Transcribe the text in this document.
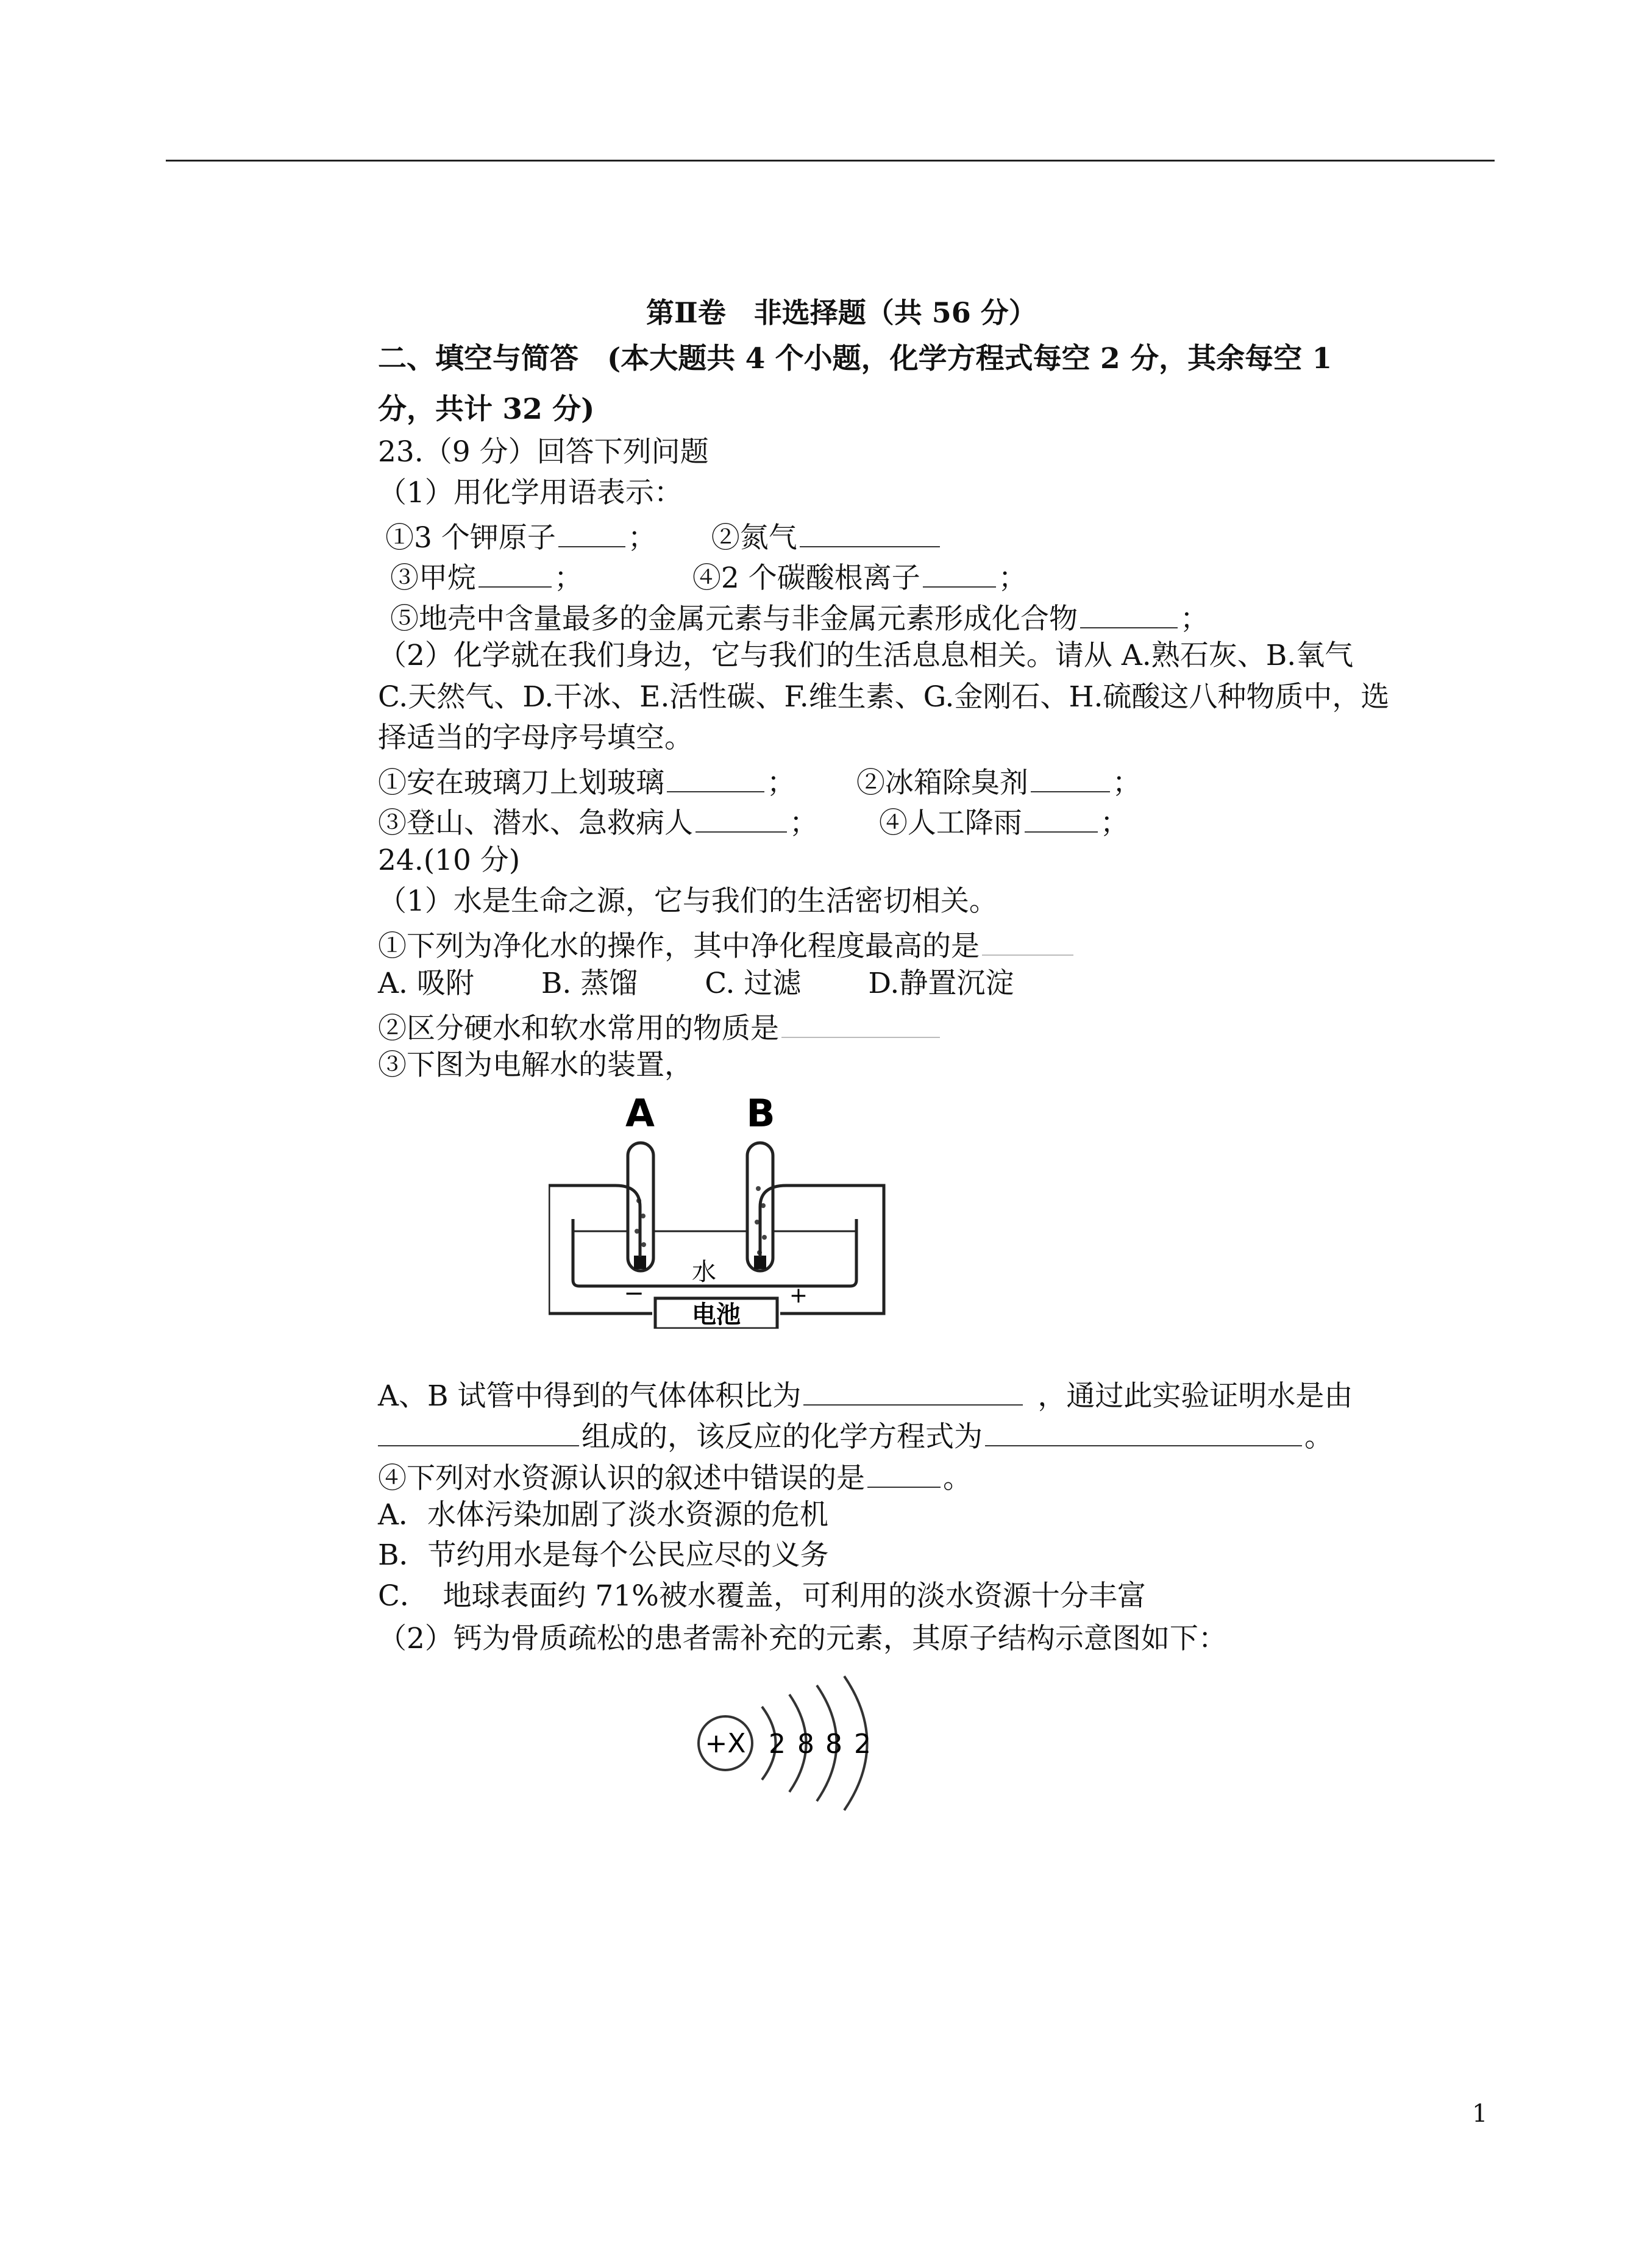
第Ⅱ卷　非选择题（共 56 分）
二、填空与简答　(本大题共 4 个小题，化学方程式每空 2 分，其余每空 1
分，共计 32 分)
23.（9 分）回答下列问题
（1）用化学用语表示：
①3 个钾原子	； ②氮气
③甲烷	；	④2 个碳酸根离子	；
⑤地壳中含量最多的金属元素与非金属元素形成化合物	；
（2）化学就在我们身边，它与我们的生活息息相关。请从 A.熟石灰、B.氧气
C.天然气、D.干冰、E.活性碳、F.维生素、G.金刚石、H.硫酸这八种物质中，选
择适当的字母序号填空。
①安在玻璃刀上划玻璃	； ②冰箱除臭剂	；
③登山、潜水、急救病人	； ④人工降雨	；
24.(10 分)
（1）水是生命之源，它与我们的生活密切相关。
①下列为净化水的操作，其中净化程度最高的是
A. 吸附 B. 蒸馏 C. 过滤 D.静置沉淀
②区分硬水和软水常用的物质是
③下图为电解水的装置，
A B
水
电池
−	+
A、B 试管中得到的气体体积比为	，通过此实验证明水是由
组成的，该反应的化学方程式为	。
④下列对水资源认识的叙述中错误的是	。
A．水体污染加剧了淡水资源的危机
B．节约用水是每个公民应尽的义务
C．　地球表面约 71%被水覆盖，可利用的淡水资源十分丰富
（2）钙为骨质疏松的患者需补充的元素，其原子结构示意图如下：
+X 2 8 8 2
1
